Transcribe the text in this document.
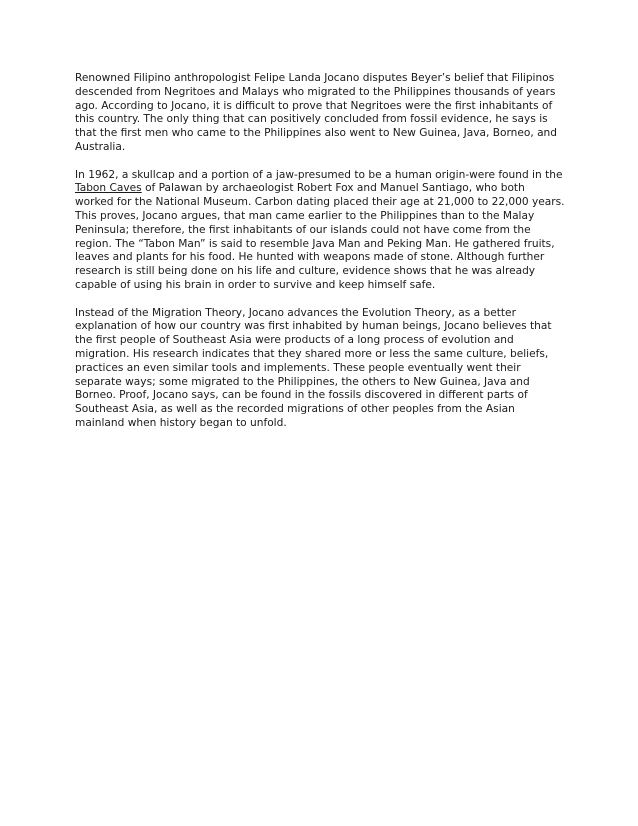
Renowned Filipino anthropologist Felipe Landa Jocano disputes Beyer’s belief that Filipinos descended from Negritoes and Malays who migrated to the Philippines thousands of years ago. According to Jocano, it is difficult to prove that Negritoes were the first inhabitants of this country. The only thing that can positively concluded from fossil evidence, he says is that the first men who came to the Philippines also went to New Guinea, Java, Borneo, and Australia.

In 1962, a skullcap and a portion of a jaw-presumed to be a human origin-were found in the Tabon Caves of Palawan by archaeologist Robert Fox and Manuel Santiago, who both worked for the National Museum. Carbon dating placed their age at 21,000 to 22,000 years. This proves, Jocano argues, that man came earlier to the Philippines than to the Malay Peninsula; therefore, the first inhabitants of our islands could not have come from the region. The “Tabon Man” is said to resemble Java Man and Peking Man. He gathered fruits, leaves and plants for his food. He hunted with weapons made of stone. Although further research is still being done on his life and culture, evidence shows that he was already capable of using his brain in order to survive and keep himself safe.

Instead of the Migration Theory, Jocano advances the Evolution Theory, as a better explanation of how our country was first inhabited by human beings, Jocano believes that the first people of Southeast Asia were products of a long process of evolution and migration. His research indicates that they shared more or less the same culture, beliefs, practices an even similar tools and implements. These people eventually went their separate ways; some migrated to the Philippines, the others to New Guinea, Java and Borneo. Proof, Jocano says, can be found in the fossils discovered in different parts of Southeast Asia, as well as the recorded migrations of other peoples from the Asian mainland when history began to unfold.
